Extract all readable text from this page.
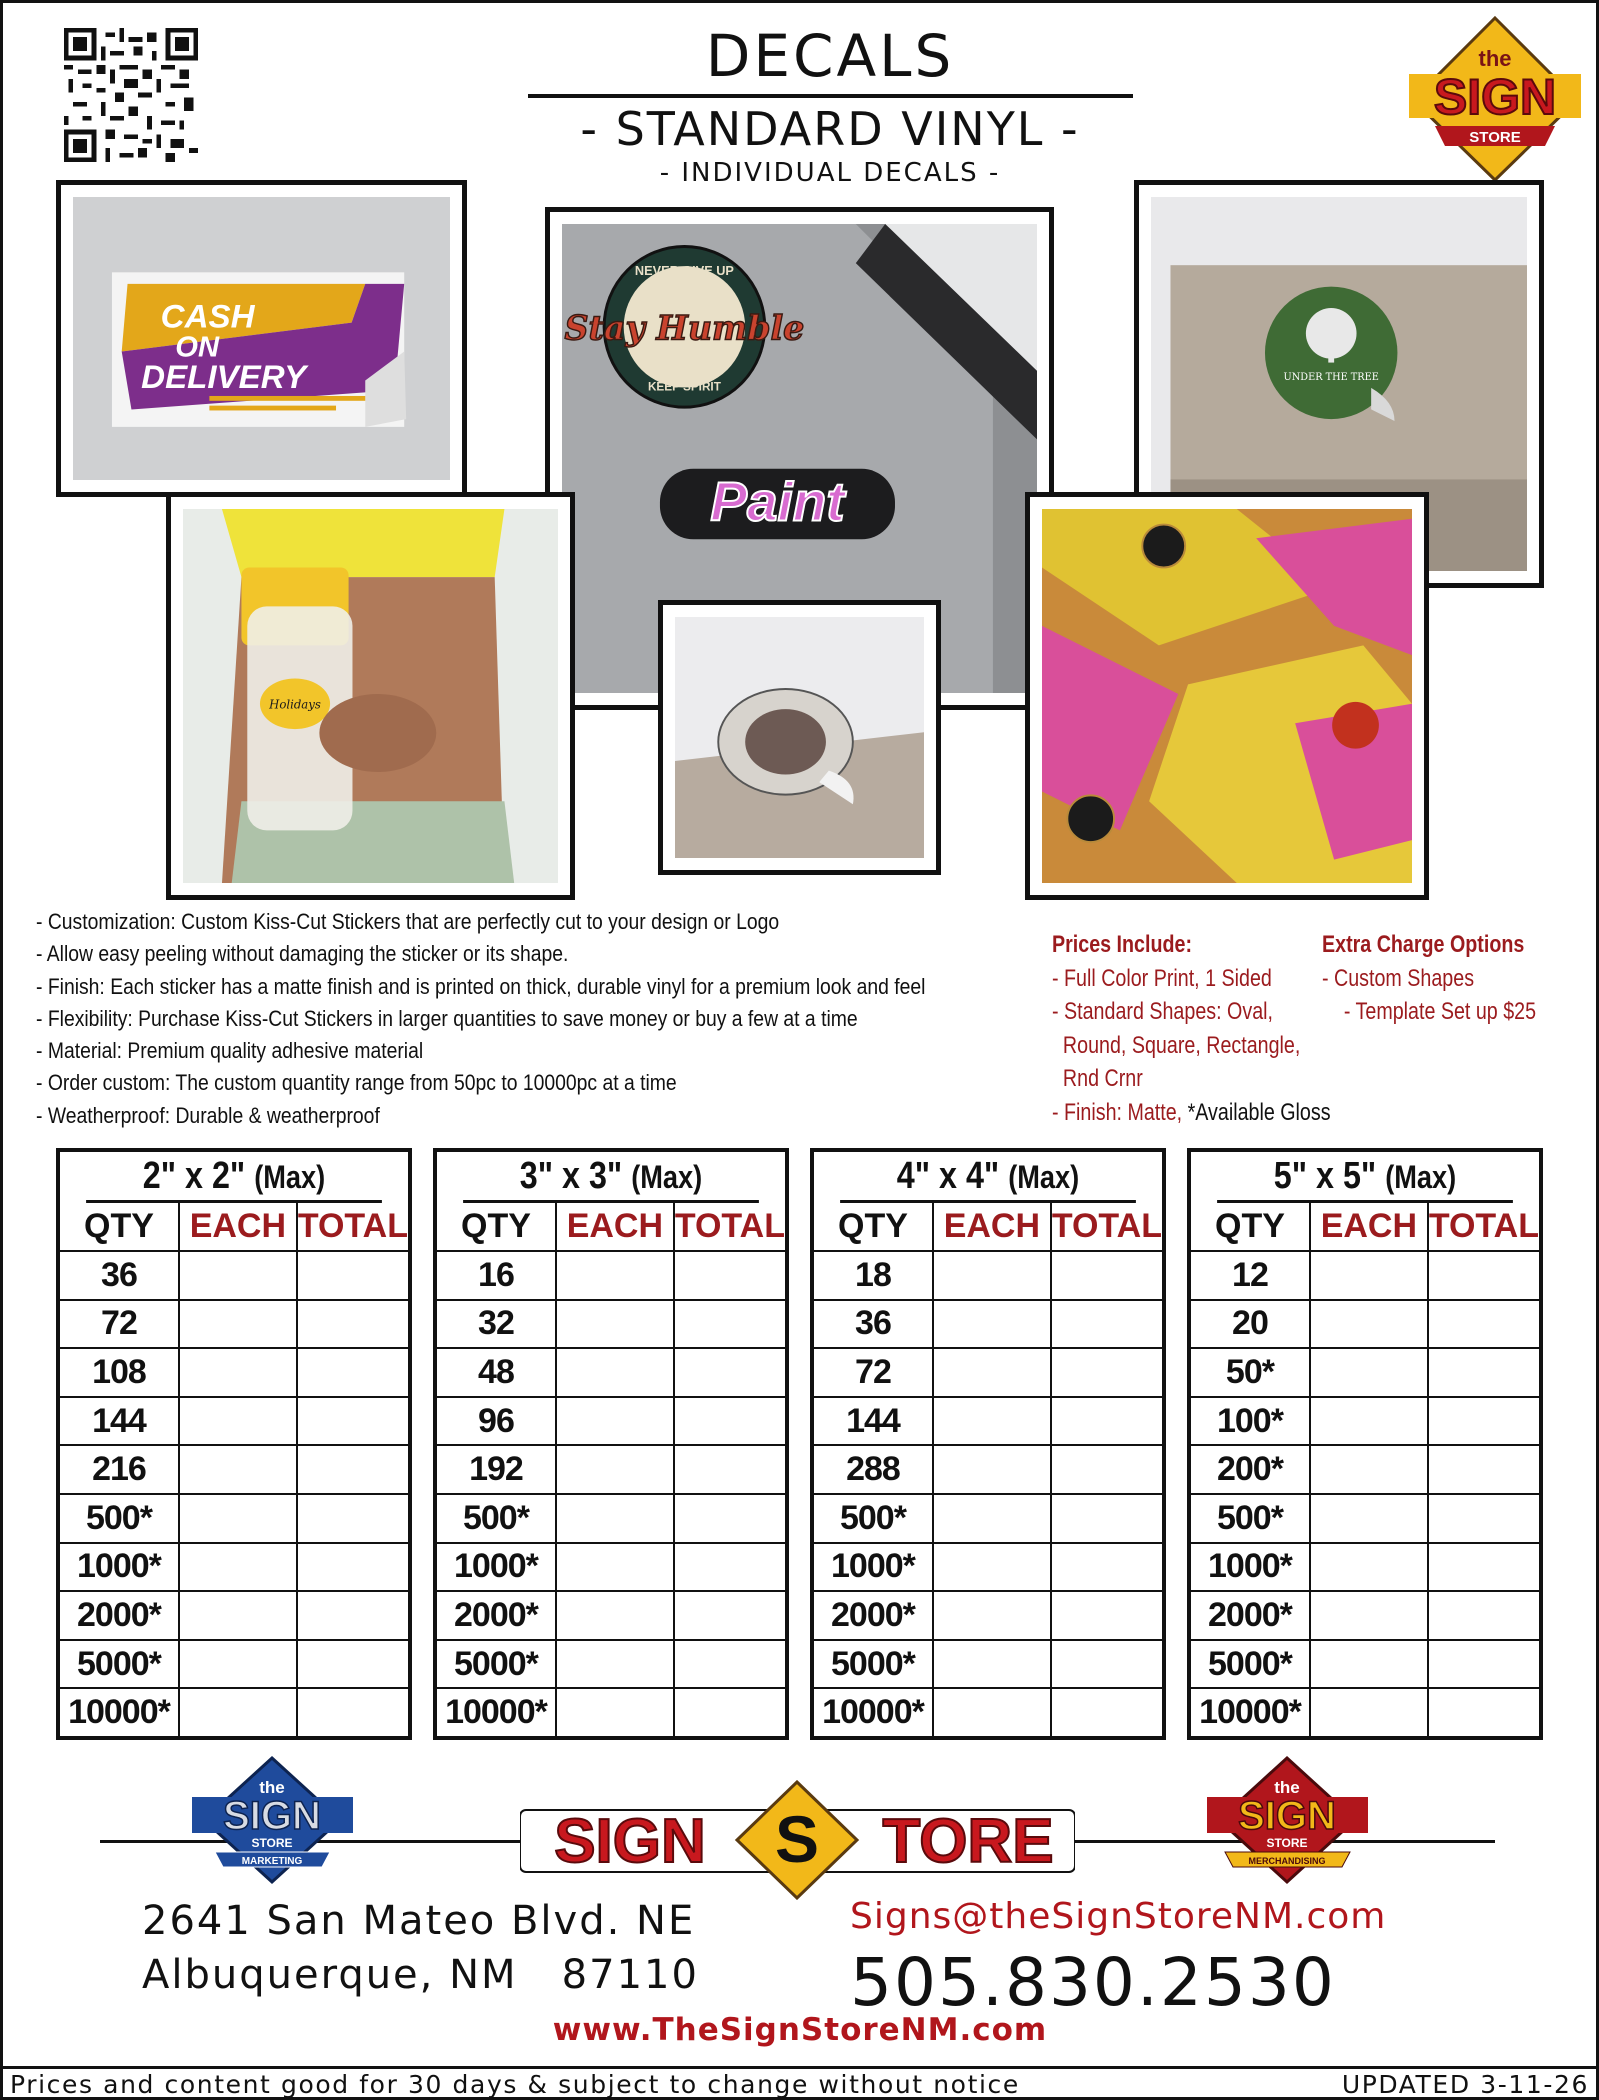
DECALS
- STANDARD VINYL -
- INDIVIDUAL DECALS -
the
SIGN
STORE
CASH
ON
DELIVERY
NEVER GIVE UP
KEEP SPIRIT
Stay Humble
Paint
UNDER THE TREE
Holidays
- Customization: Custom Kiss-Cut Stickers that are perfectly cut to your design or Logo
- Allow easy peeling without damaging the sticker or its shape.
- Finish: Each sticker has a matte finish and is printed on thick, durable vinyl for a premium look and feel
- Flexibility: Purchase Kiss-Cut Stickers in larger quantities to save money or buy a few at a time
- Material: Premium quality adhesive material
- Order custom: The custom quantity range from 50pc to 10000pc at a time
- Weatherproof: Durable & weatherproof
Prices Include:
- Full Color Print, 1 Sided
- Standard Shapes: Oval,
Round, Square, Rectangle,
Rnd Crnr
- Finish: Matte, *Available Gloss
Extra Charge Options
- Custom Shapes
- Template Set up $25
2" x 2" (Max)
QTY	EACH	TOTAL
36		
72		
108		
144		
216		
500*		
1000*		
2000*		
5000*		
10000*		
3" x 3" (Max)
QTY	EACH	TOTAL
16		
32		
48		
96		
192		
500*		
1000*		
2000*		
5000*		
10000*		
4" x 4" (Max)
QTY	EACH	TOTAL
18		
36		
72		
144		
288		
500*		
1000*		
2000*		
5000*		
10000*		
5" x 5" (Max)
QTY	EACH	TOTAL
12		
20		
50*		
100*		
200*		
500*		
1000*		
2000*		
5000*		
10000*		
the
SIGN
STORE
MARKETING	SIGN S TORE
the
SIGN
STORE
MERCHANDISING
2641 San Mateo Blvd. NE
Albuquerque, NM   87110
Signs@theSignStoreNM.com
505.830.2530
www.TheSignStoreNM.com
Prices and content good for 30 days & subject to change without notice	UPDATED 3-11-26
